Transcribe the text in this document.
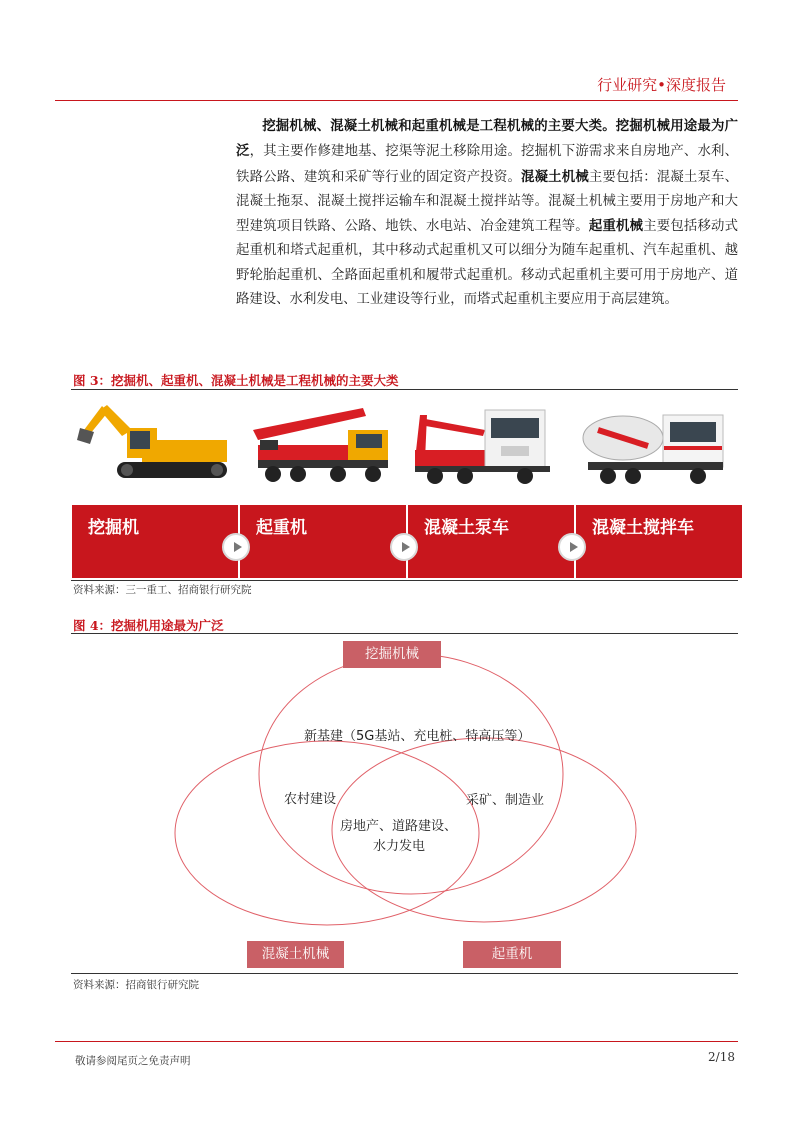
行业研究•深度报告
挖掘机械、混凝土机械和起重机械是工程机械的主要大类。挖掘机械用途最为广泛，其主要作修建地基、挖渠等泥土移除用途。挖掘机下游需求来自房地产、水利、铁路公路、建筑和采矿等行业的固定资产投资。混凝土机械主要包括：混凝土泵车、混凝土拖泵、混凝土搅拌运输车和混凝土搅拌站等。混凝土机械主要用于房地产和大型建筑项目铁路、公路、地铁、水电站、冶金建筑工程等。起重机械主要包括移动式起重机和塔式起重机，其中移动式起重机又可以细分为随车起重机、汽车起重机、越野轮胎起重机、全路面起重机和履带式起重机。移动式起重机主要可用于房地产、道路建设、水利发电、工业建设等行业，而塔式起重机主要应用于高层建筑。
图 3：挖掘机、起重机、混凝土机械是工程机械的主要大类
挖掘机	起重机	混凝土泵车	混凝土搅拌车
资料来源：三一重工、招商银行研究院
图 4：挖掘机用途最为广泛
挖掘机械
混凝土机械	起重机
新基建（5G基站、充电桩、特高压等）
农村建设	采矿、制造业
房地产、道路建设、
水力发电
资料来源：招商银行研究院
敬请参阅尾页之免责声明	2/18
